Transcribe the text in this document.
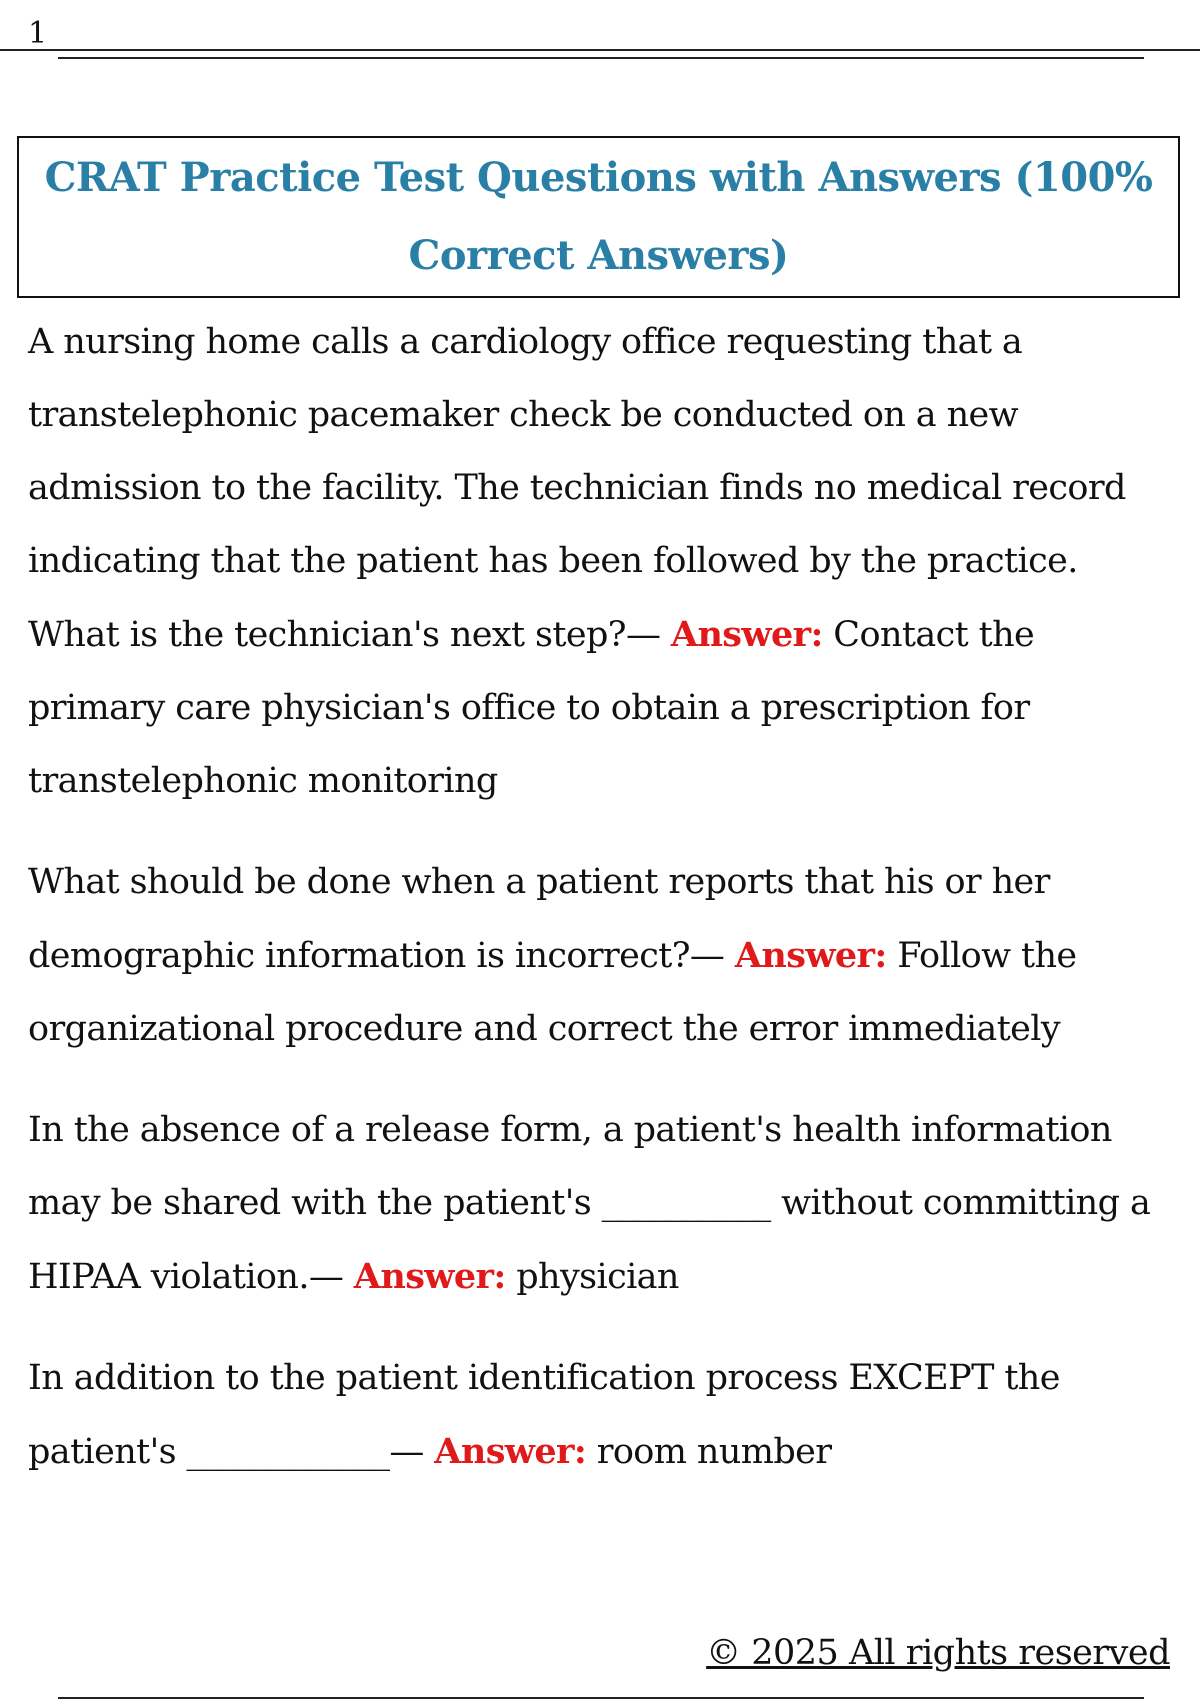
1
CRAT Practice Test Questions with Answers (100%
Correct Answers)

A nursing home calls a cardiology office requesting that a transtelephonic pacemaker check be conducted on a new admission to the facility. The technician finds no medical record indicating that the patient has been followed by the practice. What is the technician's next step?— Answer: Contact the primary care physician's office to obtain a prescription for transtelephonic monitoring

What should be done when a patient reports that his or her demographic information is incorrect?— Answer: Follow the organizational procedure and correct the error immediately

In the absence of a release form, a patient's health information may be shared with the patient's __________ without committing a HIPAA violation.— Answer: physician

In addition to the patient identification process EXCEPT the patient's ____________— Answer: room number

© 2025 All rights reserved
